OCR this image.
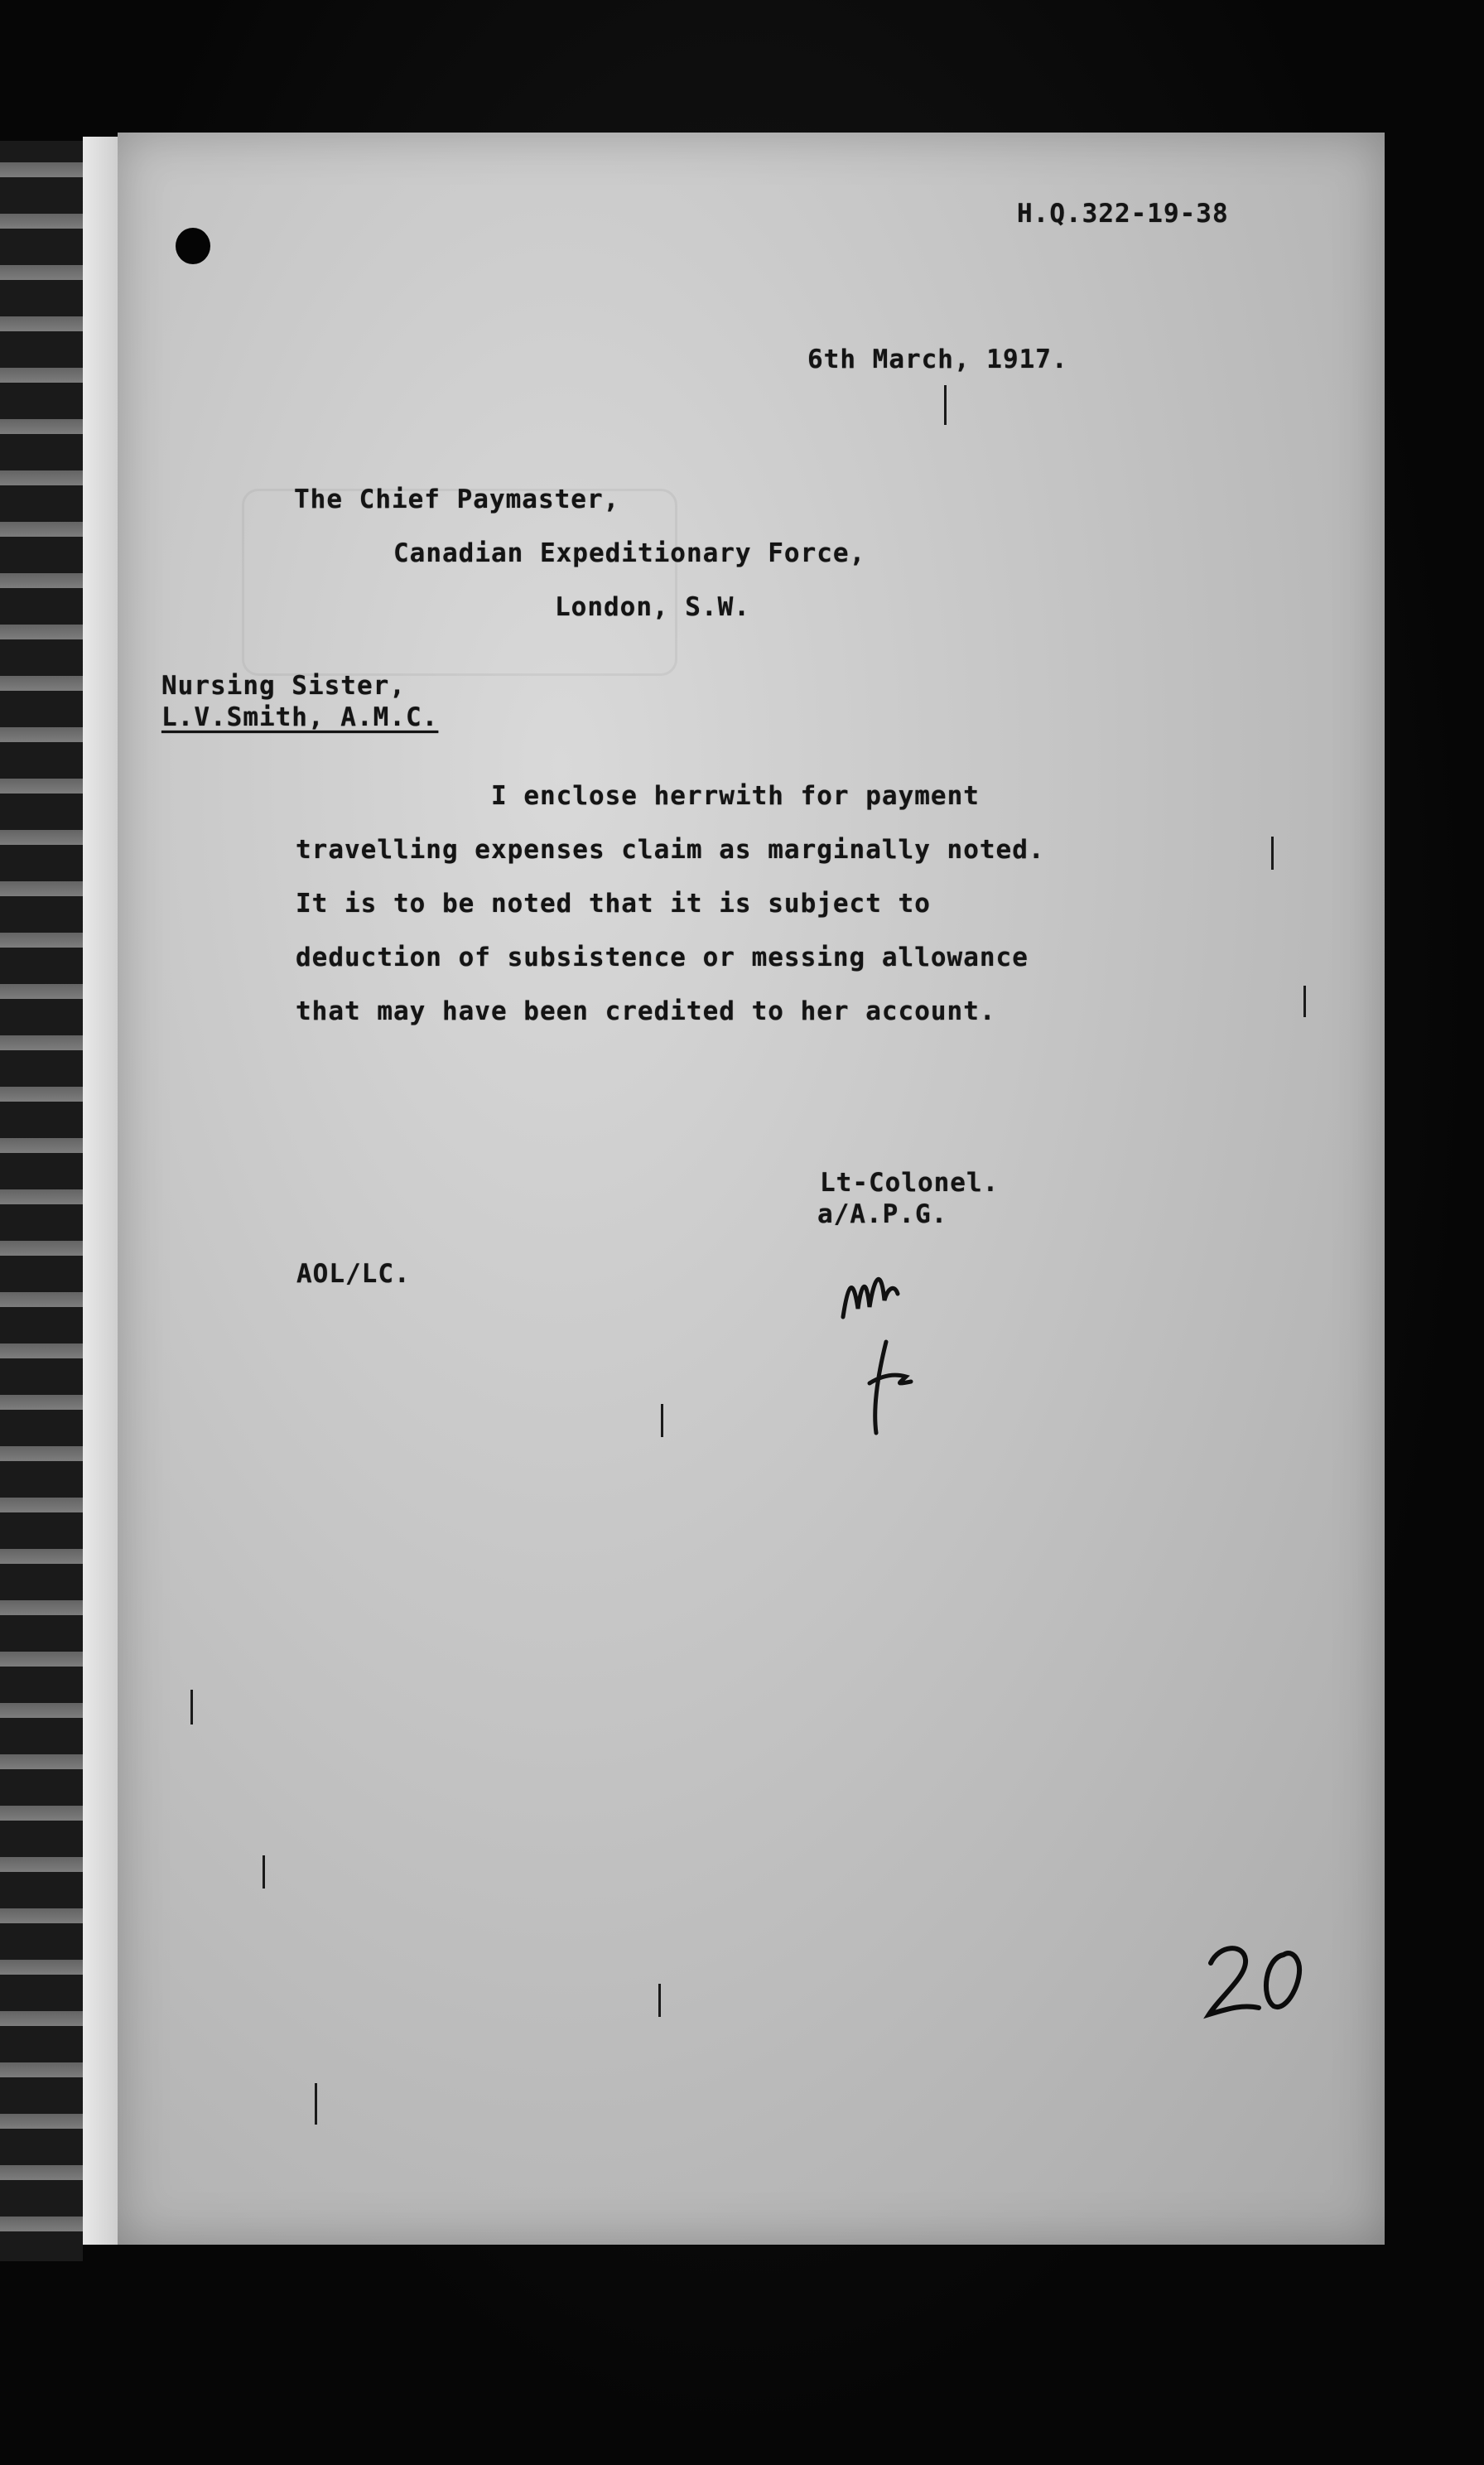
H.Q.322-19-38
6th March, 1917.
The Chief Paymaster,
Canadian Expeditionary Force,
London, S.W.
Nursing Sister,
L.V.Smith, A.M.C.
I enclose herrwith for payment
travelling expenses claim as marginally noted.
It is to be noted that it is subject to
deduction of subsistence or messing allowance
that may have been credited to her account.
Lt-Colonel.
a/A.P.G.
AOL/LC.
